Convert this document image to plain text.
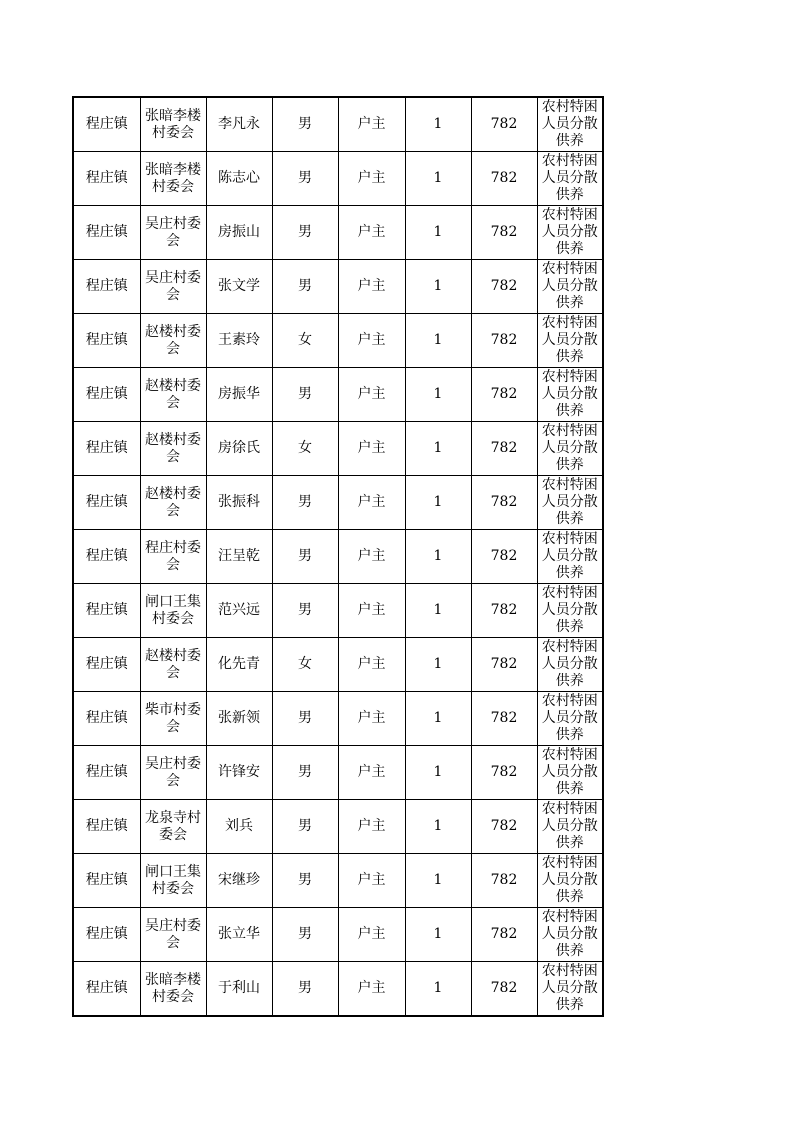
程庄镇	张暗李楼村委会	李凡永	男	户主	1	782	农村特困人员分散供养
程庄镇	张暗李楼村委会	陈志心	男	户主	1	782	农村特困人员分散供养
程庄镇	吴庄村委会	房振山	男	户主	1	782	农村特困人员分散供养
程庄镇	吴庄村委会	张文学	男	户主	1	782	农村特困人员分散供养
程庄镇	赵楼村委会	王素玲	女	户主	1	782	农村特困人员分散供养
程庄镇	赵楼村委会	房振华	男	户主	1	782	农村特困人员分散供养
程庄镇	赵楼村委会	房徐氏	女	户主	1	782	农村特困人员分散供养
程庄镇	赵楼村委会	张振科	男	户主	1	782	农村特困人员分散供养
程庄镇	程庄村委会	汪呈乾	男	户主	1	782	农村特困人员分散供养
程庄镇	闸口王集村委会	范兴远	男	户主	1	782	农村特困人员分散供养
程庄镇	赵楼村委会	化先青	女	户主	1	782	农村特困人员分散供养
程庄镇	柴市村委会	张新领	男	户主	1	782	农村特困人员分散供养
程庄镇	吴庄村委会	许锋安	男	户主	1	782	农村特困人员分散供养
程庄镇	龙泉寺村委会	刘兵	男	户主	1	782	农村特困人员分散供养
程庄镇	闸口王集村委会	宋继珍	男	户主	1	782	农村特困人员分散供养
程庄镇	吴庄村委会	张立华	男	户主	1	782	农村特困人员分散供养
程庄镇	张暗李楼村委会	于利山	男	户主	1	782	农村特困人员分散供养
